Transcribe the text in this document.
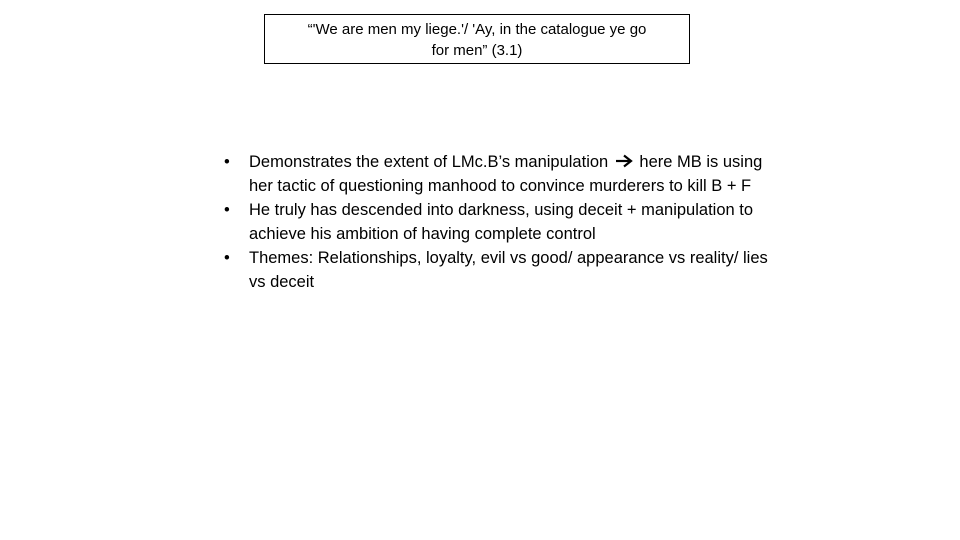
“'We are men my liege.'/ 'Ay, in the catalogue ye go
for men” (3.1)
• Demonstrates the extent of LMc.B’s manipulation  here MB is using her tactic of questioning manhood to convince murderers to kill B + F
• He truly has descended into darkness, using deceit + manipulation to achieve his ambition of having complete control
• Themes: Relationships, loyalty, evil vs good/ appearance vs reality/ lies vs deceit
